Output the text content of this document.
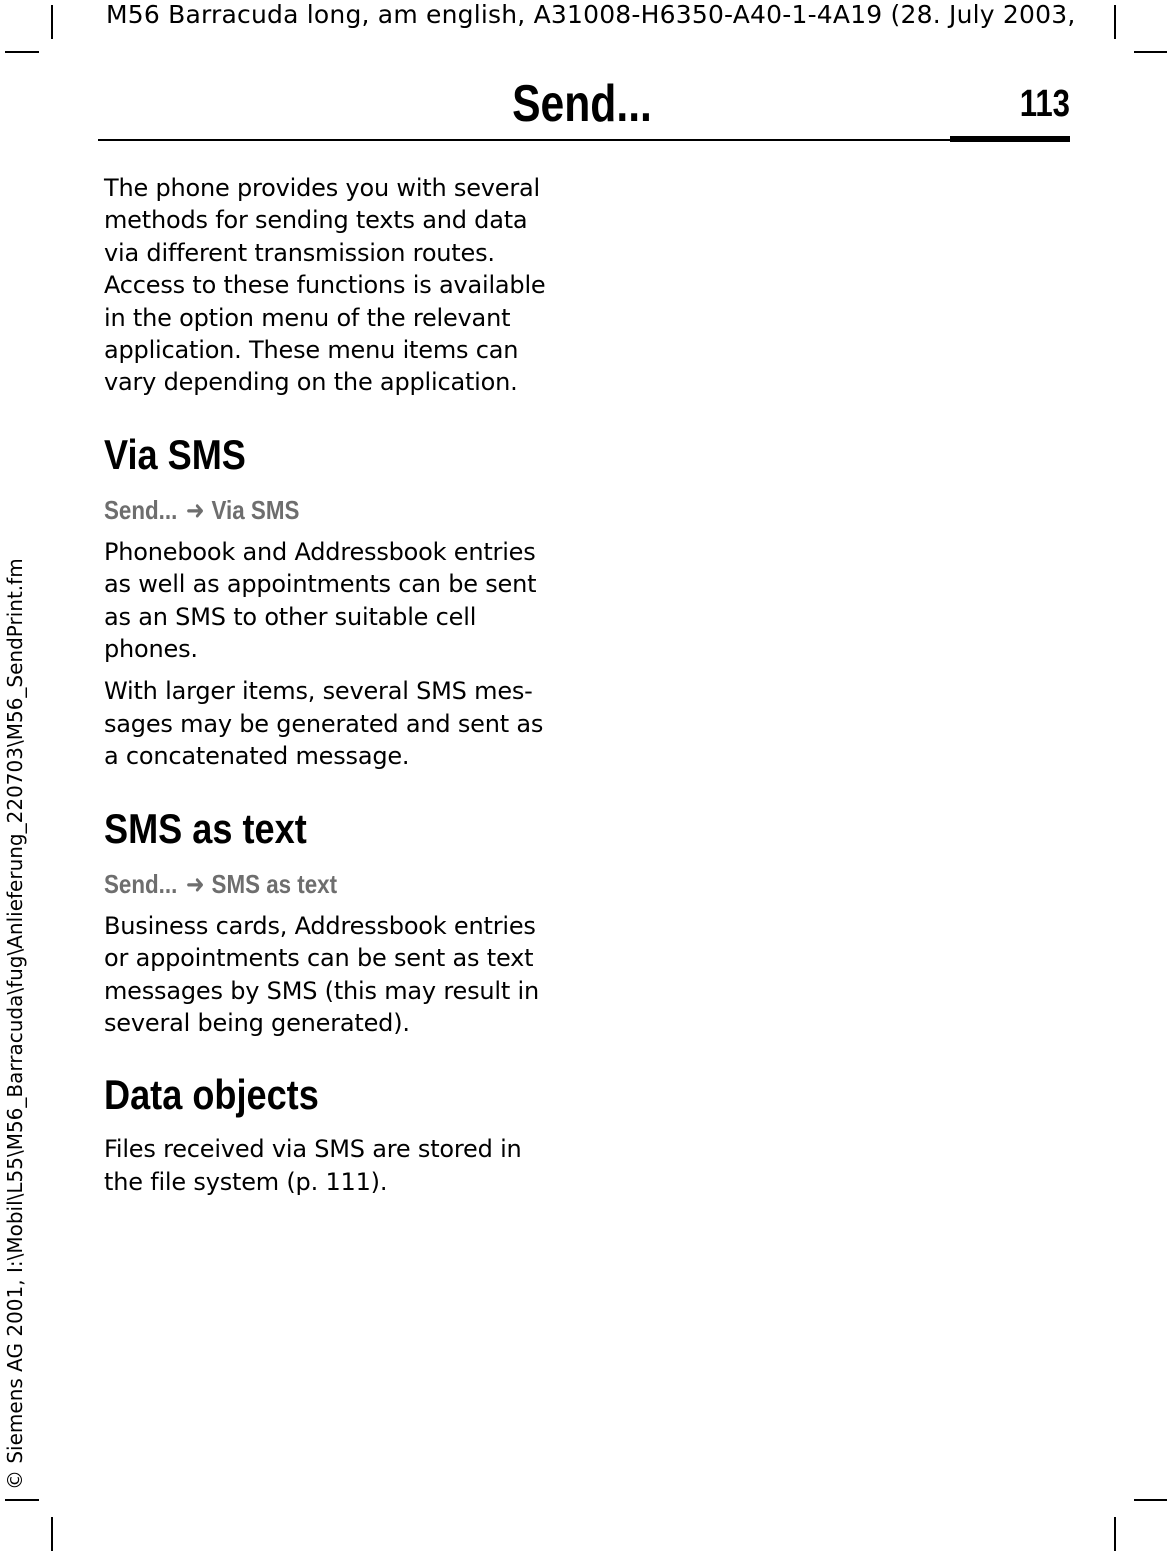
M56 Barracuda long, am english, A31008-H6350-A40-1-4A19 (28. July 2003,
© Siemens AG 2001, I:\Mobil\L55\M56_Barracuda\fug\Anlieferung_220703\M56_SendPrint.fm
Send...	113

The phone provides you with several methods for sending texts and data via different transmission routes. Access to these functions is available in the option menu of the relevant application. These menu items can vary depending on the application.

Via SMS
Send... ➜ Via SMS

Phonebook and Addressbook entries as well as appointments can be sent as an SMS to other suitable cell phones.

With larger items, several SMS mes-sages may be generated and sent as a concatenated message.

SMS as text
Send... ➜ SMS as text

Business cards, Addressbook entries or appointments can be sent as text messages by SMS (this may result in several being generated).

Data objects

Files received via SMS are stored in the file system (p. 111).
